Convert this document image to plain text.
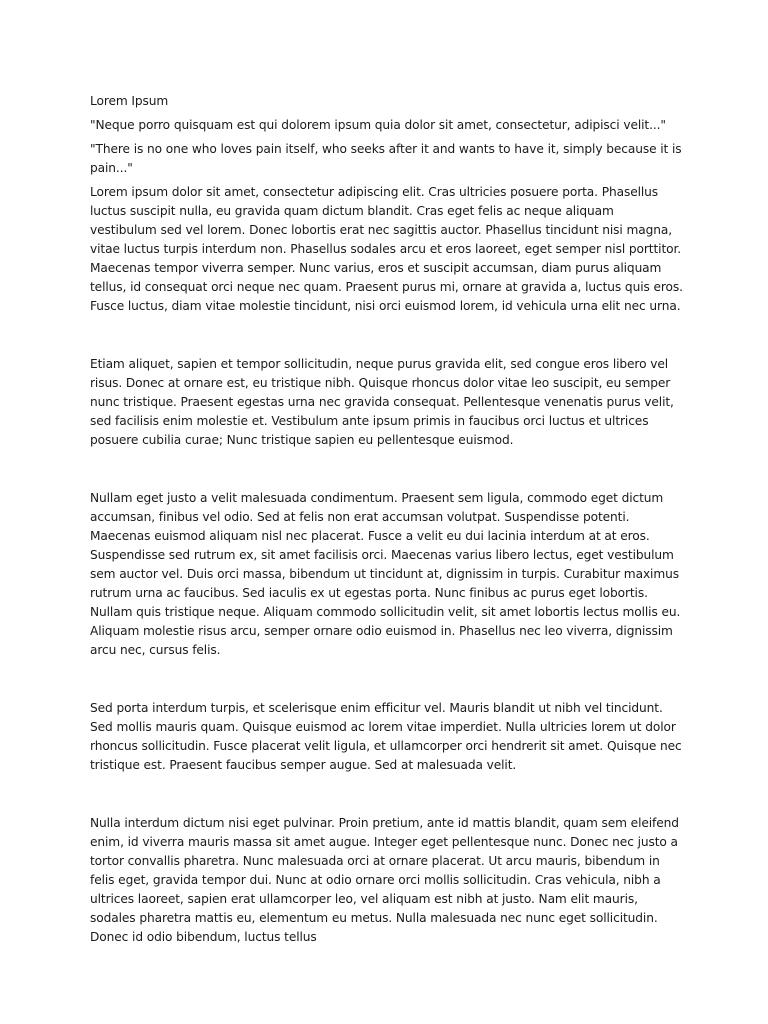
Lorem Ipsum

"Neque porro quisquam est qui dolorem ipsum quia dolor sit amet, consectetur, adipisci velit..."

"There is no one who loves pain itself, who seeks after it and wants to have it, simply because it is pain..."

Lorem ipsum dolor sit amet, consectetur adipiscing elit. Cras ultricies posuere porta. Phasellus luctus suscipit nulla, eu gravida quam dictum blandit. Cras eget felis ac neque aliquam vestibulum sed vel lorem. Donec lobortis erat nec sagittis auctor. Phasellus tincidunt nisi magna, vitae luctus turpis interdum non. Phasellus sodales arcu et eros laoreet, eget semper nisl porttitor. Maecenas tempor viverra semper. Nunc varius, eros et suscipit accumsan, diam purus aliquam tellus, id consequat orci neque nec quam. Praesent purus mi, ornare at gravida a, luctus quis eros. Fusce luctus, diam vitae molestie tincidunt, nisi orci euismod lorem, id vehicula urna elit nec urna.

Etiam aliquet, sapien et tempor sollicitudin, neque purus gravida elit, sed congue eros libero vel risus. Donec at ornare est, eu tristique nibh. Quisque rhoncus dolor vitae leo suscipit, eu semper nunc tristique. Praesent egestas urna nec gravida consequat. Pellentesque venenatis purus velit, sed facilisis enim molestie et. Vestibulum ante ipsum primis in faucibus orci luctus et ultrices posuere cubilia curae; Nunc tristique sapien eu pellentesque euismod.

Nullam eget justo a velit malesuada condimentum. Praesent sem ligula, commodo eget dictum accumsan, finibus vel odio. Sed at felis non erat accumsan volutpat. Suspendisse potenti. Maecenas euismod aliquam nisl nec placerat. Fusce a velit eu dui lacinia interdum at at eros. Suspendisse sed rutrum ex, sit amet facilisis orci. Maecenas varius libero lectus, eget vestibulum sem auctor vel. Duis orci massa, bibendum ut tincidunt at, dignissim in turpis. Curabitur maximus rutrum urna ac faucibus. Sed iaculis ex ut egestas porta. Nunc finibus ac purus eget lobortis. Nullam quis tristique neque. Aliquam commodo sollicitudin velit, sit amet lobortis lectus mollis eu. Aliquam molestie risus arcu, semper ornare odio euismod in. Phasellus nec leo viverra, dignissim arcu nec, cursus felis.

Sed porta interdum turpis, et scelerisque enim efficitur vel. Mauris blandit ut nibh vel tincidunt. Sed mollis mauris quam. Quisque euismod ac lorem vitae imperdiet. Nulla ultricies lorem ut dolor rhoncus sollicitudin. Fusce placerat velit ligula, et ullamcorper orci hendrerit sit amet. Quisque nec tristique est. Praesent faucibus semper augue. Sed at malesuada velit.

Nulla interdum dictum nisi eget pulvinar. Proin pretium, ante id mattis blandit, quam sem eleifend enim, id viverra mauris massa sit amet augue. Integer eget pellentesque nunc. Donec nec justo a tortor convallis pharetra. Nunc malesuada orci at ornare placerat. Ut arcu mauris, bibendum in felis eget, gravida tempor dui. Nunc at odio ornare orci mollis sollicitudin. Cras vehicula, nibh a ultrices laoreet, sapien erat ullamcorper leo, vel aliquam est nibh at justo. Nam elit mauris, sodales pharetra mattis eu, elementum eu metus. Nulla malesuada nec nunc eget sollicitudin. Donec id odio bibendum, luctus tellus
